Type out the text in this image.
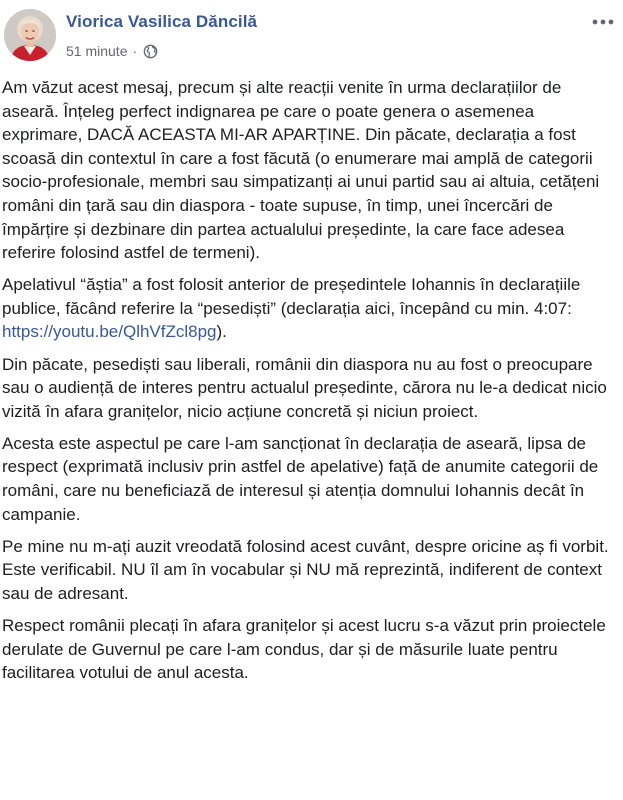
Viorica Vasilica Dăncilă
51 minute ·

Am văzut acest mesaj, precum și alte reacții venite în urma declarațiilor de aseară. Înțeleg perfect indignarea pe care o poate genera o asemenea exprimare, DACĂ ACEASTA MI-AR APARȚINE. Din păcate, declarația a fost scoasă din contextul în care a fost făcută (o enumerare mai amplă de categorii socio-profesionale, membri sau simpatizanți ai unui partid sau ai altuia, cetățeni români din țară sau din diaspora - toate supuse, în timp, unei încercări de împărțire și dezbinare din partea actualului președinte, la care face adesea referire folosind astfel de termeni).

Apelativul “ăștia” a fost folosit anterior de președintele Iohannis în declarațiile publice, făcând referire la “pesediști” (declarația aici, începând cu min. 4:07: https://youtu.be/QlhVfZcl8pg).

Din păcate, pesediști sau liberali, românii din diaspora nu au fost o preocupare sau o audiență de interes pentru actualul președinte, cărora nu le-a dedicat nicio vizită în afara granițelor, nicio acțiune concretă și niciun proiect.

Acesta este aspectul pe care l-am sancționat în declarația de aseară, lipsa de respect (exprimată inclusiv prin astfel de apelative) față de anumite categorii de români, care nu beneficiază de interesul și atenția domnului Iohannis decât în campanie.

Pe mine nu m-ați auzit vreodată folosind acest cuvânt, despre oricine aș fi vorbit. Este verificabil. NU îl am în vocabular și NU mă reprezintă, indiferent de context sau de adresant.

Respect românii plecați în afara granițelor și acest lucru s-a văzut prin proiectele derulate de Guvernul pe care l-am condus, dar și de măsurile luate pentru facilitarea votului de anul acesta.
